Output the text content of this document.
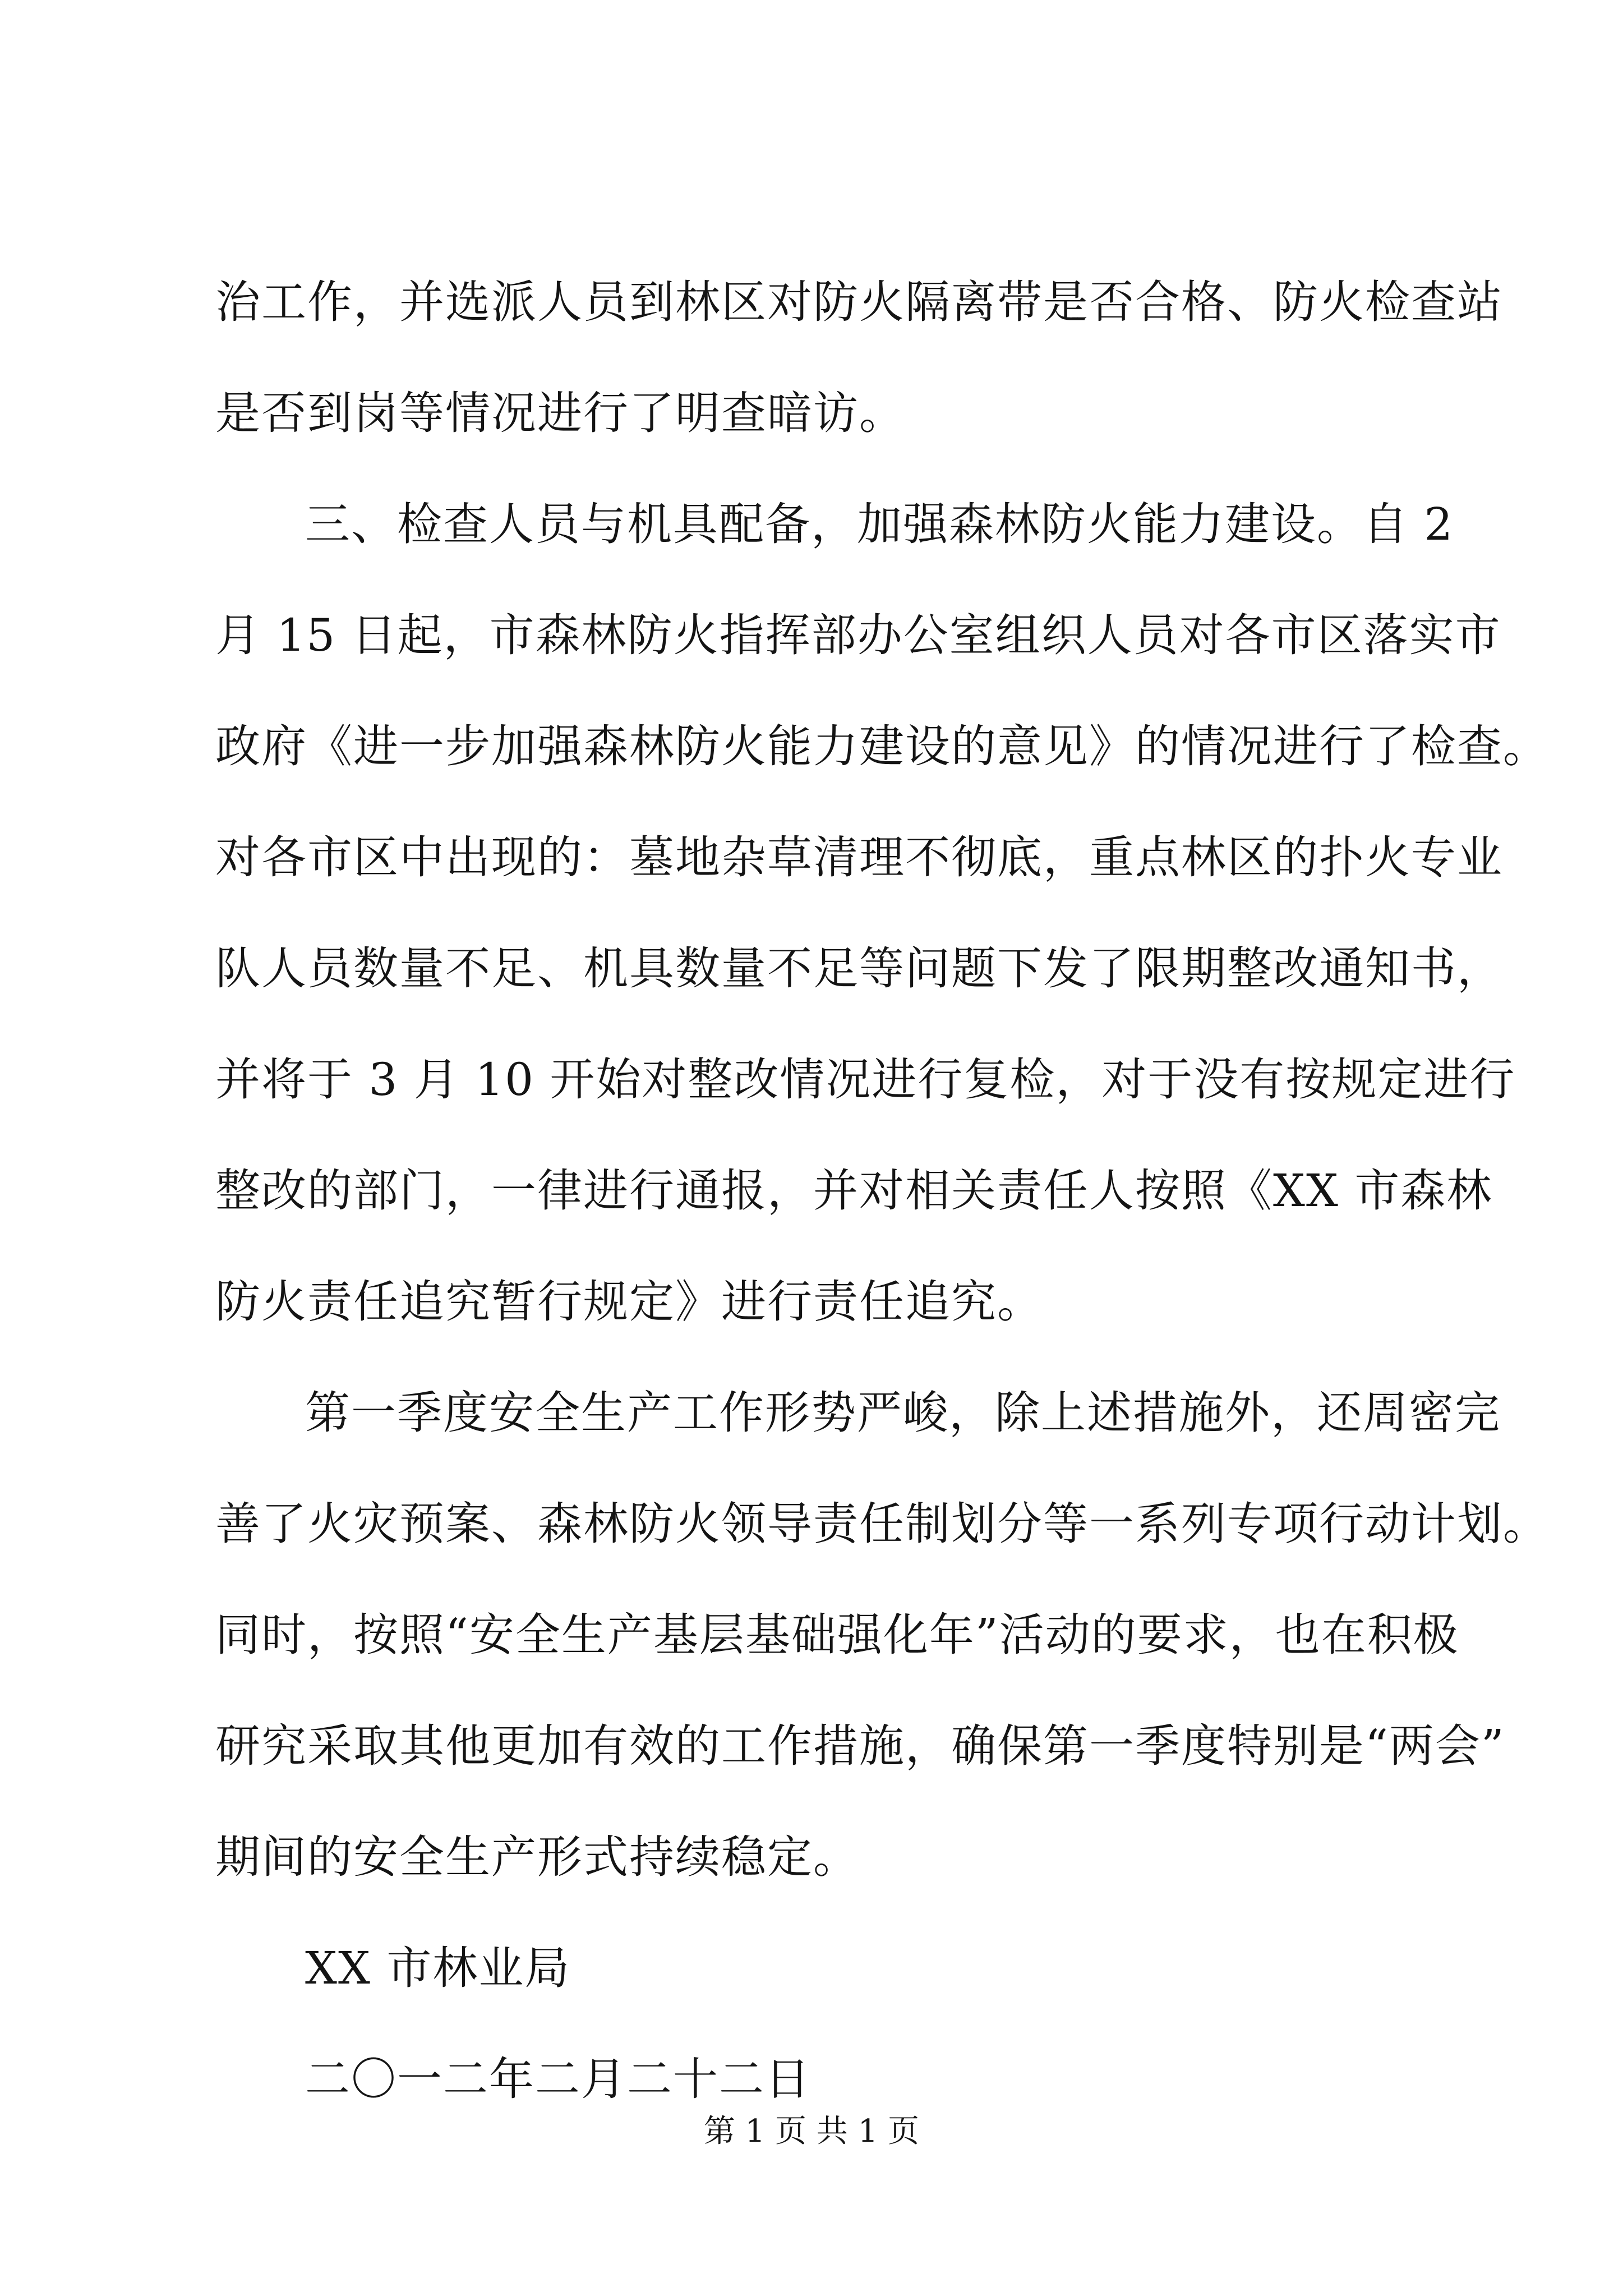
治工作，并选派人员到林区对防火隔离带是否合格、防火检查站
是否到岗等情况进行了明查暗访。
三、检查人员与机具配备，加强森林防火能力建设。自 2
月 15 日起，市森林防火指挥部办公室组织人员对各市区落实市
政府《进一步加强森林防火能力建设的意见》的情况进行了检查。
对各市区中出现的：墓地杂草清理不彻底，重点林区的扑火专业
队人员数量不足、机具数量不足等问题下发了限期整改通知书，
并将于 3 月 10 开始对整改情况进行复检，对于没有按规定进行
整改的部门，一律进行通报，并对相关责任人按照《XX 市森林
防火责任追究暂行规定》进行责任追究。
第一季度安全生产工作形势严峻，除上述措施外，还周密完
善了火灾预案、森林防火领导责任制划分等一系列专项行动计划。
同时，按照“安全生产基层基础强化年”活动的要求，也在积极
研究采取其他更加有效的工作措施，确保第一季度特别是“两会”
期间的安全生产形式持续稳定。
XX 市林业局
二〇一二年二月二十二日
第 1 页 共 1 页
